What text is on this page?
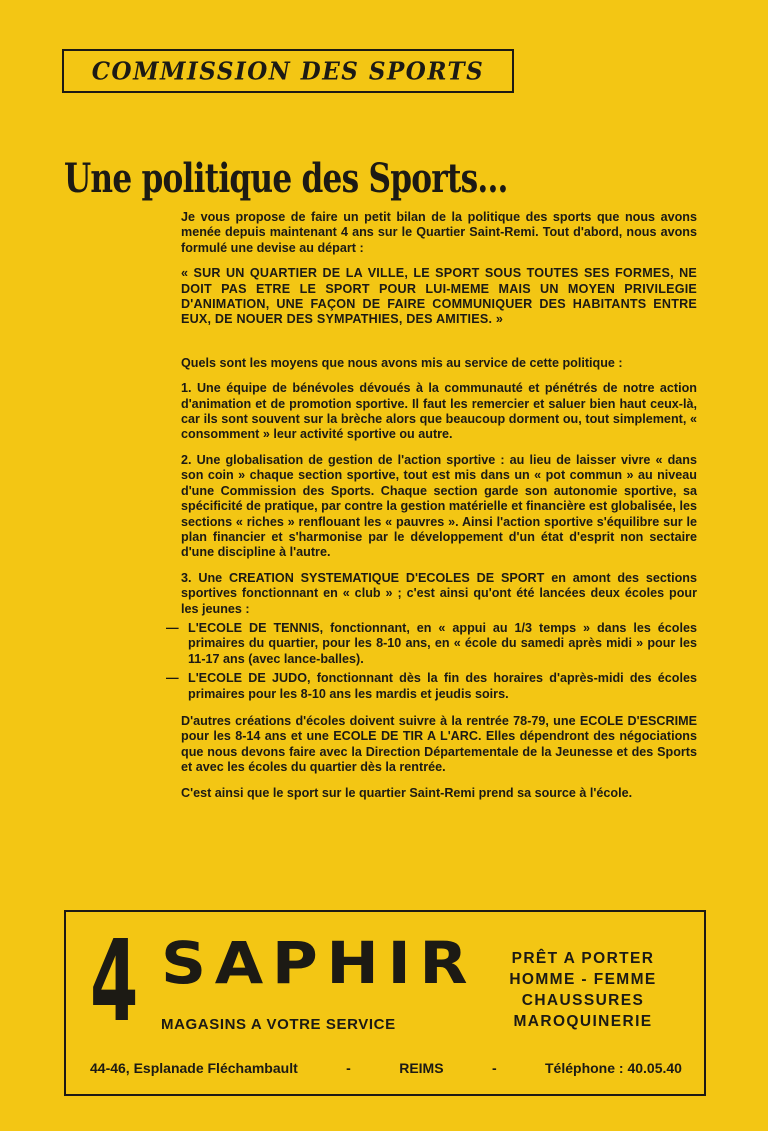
COMMISSION DES SPORTS
Une politique des Sports...

Je vous propose de faire un petit bilan de la politique des sports que nous avons menée depuis maintenant 4 ans sur le Quartier Saint-Remi. Tout d'abord, nous avons formulé une devise au départ :

« SUR UN QUARTIER DE LA VILLE, LE SPORT SOUS TOUTES SES FORMES, NE DOIT PAS ETRE LE SPORT POUR LUI-MEME MAIS UN MOYEN PRIVILEGIE D'ANIMATION, UNE FAÇON DE FAIRE COMMUNIQUER DES HABITANTS ENTRE EUX, DE NOUER DES SYMPATHIES, DES AMITIES. »

Quels sont les moyens que nous avons mis au service de cette politique :

1. Une équipe de bénévoles dévoués à la communauté et pénétrés de notre action d'animation et de promotion sportive. Il faut les remercier et saluer bien haut ceux-là, car ils sont souvent sur la brèche alors que beaucoup dorment ou, tout simplement, « consomment » leur activité sportive ou autre.

2. Une globalisation de gestion de l'action sportive : au lieu de laisser vivre « dans son coin » chaque section sportive, tout est mis dans un « pot commun » au niveau d'une Commission des Sports. Chaque section garde son autonomie sportive, sa spécificité de pratique, par contre la gestion matérielle et financière est globalisée, les sections « riches » renflouant les « pauvres ». Ainsi l'action sportive s'équilibre sur le plan financier et s'harmonise par le développement d'un état d'esprit non sectaire d'une discipline à l'autre.

3. Une CREATION SYSTEMATIQUE D'ECOLES DE SPORT en amont des sections sportives fonctionnant en « club » ; c'est ainsi qu'ont été lancées deux écoles pour les jeunes :

— L'ECOLE DE TENNIS, fonctionnant, en « appui au 1/3 temps » dans les écoles primaires du quartier, pour les 8-10 ans, en « école du samedi après midi » pour les 11-17 ans (avec lance-balles).
— L'ECOLE DE JUDO, fonctionnant dès la fin des horaires d'après-midi des écoles primaires pour les 8-10 ans les mardis et jeudis soirs.

D'autres créations d'écoles doivent suivre à la rentrée 78-79, une ECOLE D'ESCRIME pour les 8-14 ans et une ECOLE DE TIR A L'ARC. Elles dépendront des négociations que nous devons faire avec la Direction Départementale de la Jeunesse et des Sports et avec les écoles du quartier dès la rentrée.

C'est ainsi que le sport sur le quartier Saint-Remi prend sa source à l'école.

4 SAPHIR
MAGASINS A VOTRE SERVICE
PRÊT A PORTER
HOMME - FEMME
CHAUSSURES
MAROQUINERIE
44-46, Esplanade Fléchambault	-	REIMS	-	Téléphone : 40.05.40
